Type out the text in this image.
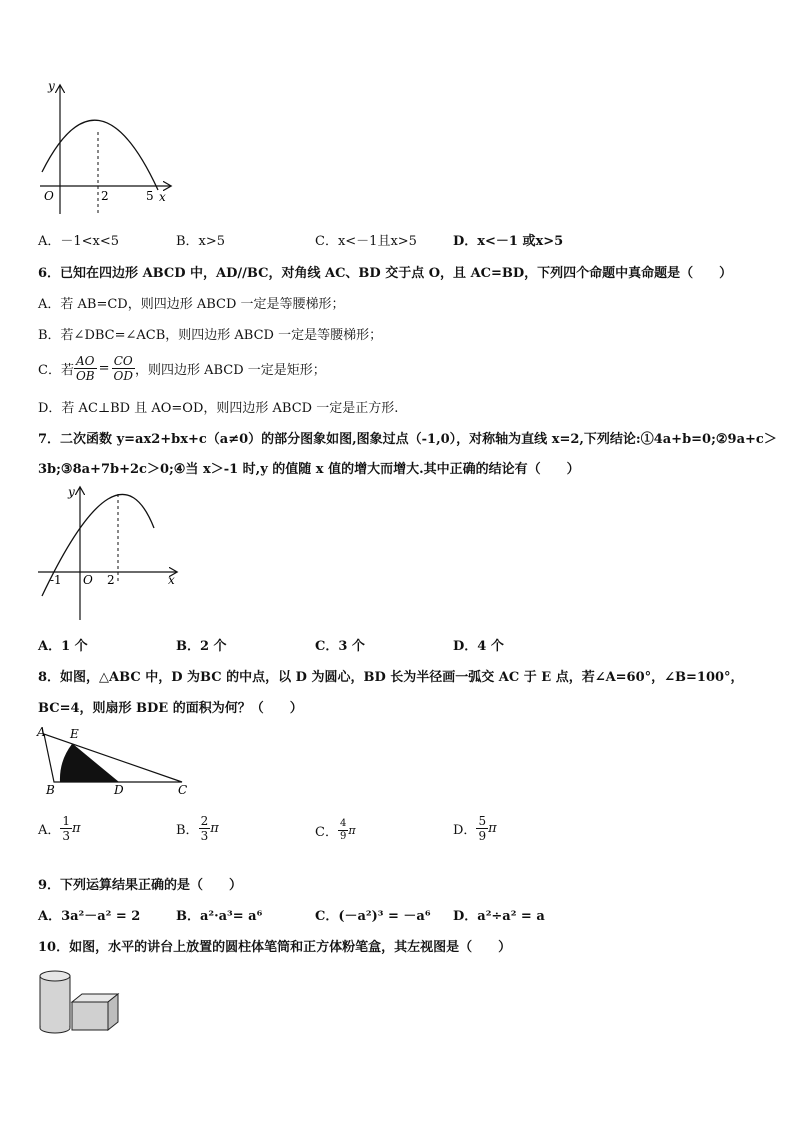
y
O	2	5 x
A．－1<x<5	B．x>5	C．x<－1且x>5	D．x<－1 或x>5
6．已知在四边形 ABCD 中，AD//BC，对角线 AC、BD 交于点 O，且 AC=BD，下列四个命题中真命题是（　　）
A．若 AB=CD，则四边形 ABCD 一定是等腰梯形；
B．若∠DBC=∠ACB，则四边形 ABCD 一定是等腰梯形；
C．若 $\frac{AO}{OB} = \frac{CO}{OD}$ ，则四边形 ABCD 一定是矩形；
D．若 AC⊥BD 且 AO=OD，则四边形 ABCD 一定是正方形.
7．二次函数 y=ax2+bx+c（a≠0）的部分图象如图,图象过点（-1,0），对称轴为直线 x=2,下列结论:①4a+b=0;②9a+c＞
3b;③8a+7b+2c＞0;④当 x＞-1 时,y 的值随 x 值的增大而增大.其中正确的结论有（　　）
y
-1 O 2	x
A．1 个	B．2 个	C．3 个	D．4 个
8．如图，△ABC 中，D 为BC 的中点，以 D 为圆心，BD 长为半径画一弧交 AC 于 E 点，若∠A=60°，∠B=100°，
BC=4，则扇形 BDE 的面积为何？（　　）
A E
B	D	C
A． $\frac{1}{3}$ π	B． $\frac{2}{3}$ π	C． $\frac{4}{9}$ π	D． $\frac{5}{9}$ π
9．下列运算结果正确的是（　　）
A．3a²－a² = 2	B．a²·a³= a⁶	C．(－a²)³ = －a⁶ D．a²÷a² = a
10．如图，水平的讲台上放置的圆柱体笔筒和正方体粉笔盒，其左视图是（　　）
